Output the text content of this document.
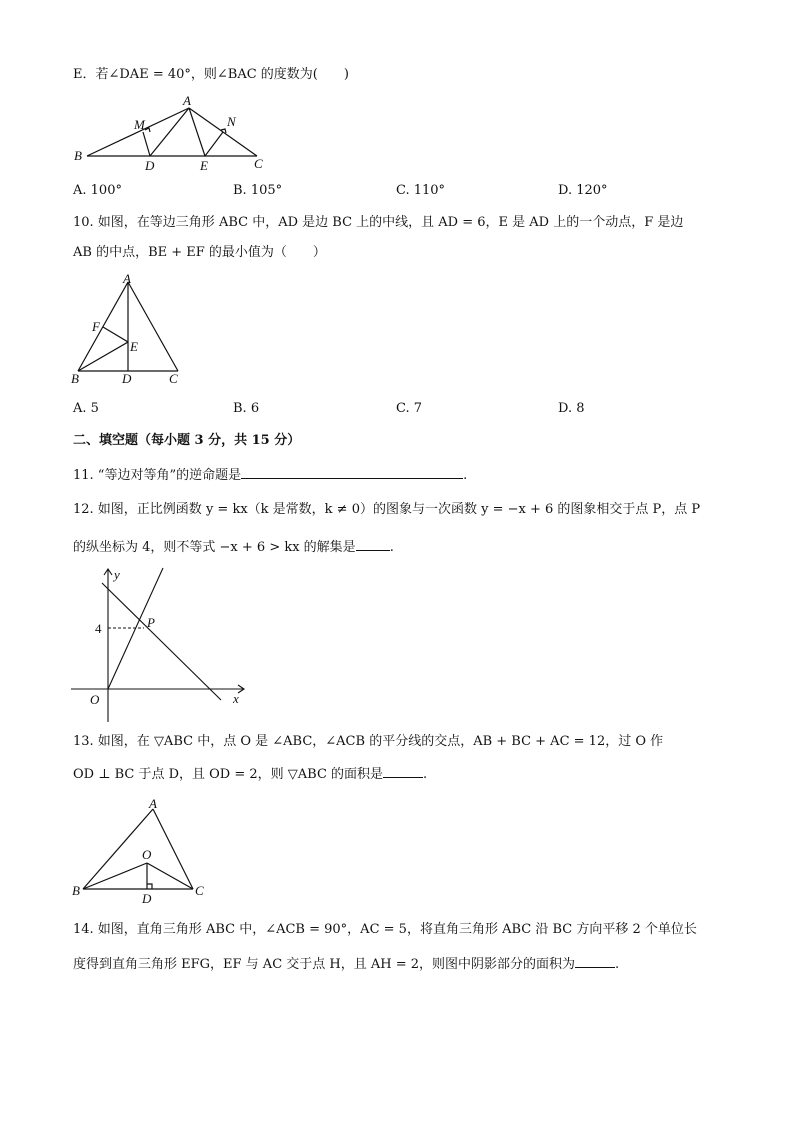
E．若∠DAE = 40°，则∠BAC 的度数为(　　)
A
M	N
B
D	E	C
A. 100°	B. 105°	C. 110°	D. 120°
10. 如图，在等边三角形 ABC 中，AD 是边 BC 上的中线，且 AD = 6，E 是 AD 上的一个动点，F 是边
AB 的中点，BE + EF 的最小值为（　　）
A
F
E
B	D	C
A. 5	B. 6	C. 7	D. 8
二、填空题（每小题 3 分，共 15 分）
11. “等边对等角”的逆命题是	.
12. 如图，正比例函数 y = kx（k 是常数，k ≠ 0）的图象与一次函数 y = −x + 6 的图象相交于点 P，点 P
的纵坐标为 4，则不等式 −x + 6 > kx 的解集是	.
y
x
O
P
4
13. 如图，在 ▽ABC 中，点 O 是 ∠ABC，∠ACB 的平分线的交点，AB + BC + AC = 12，过 O 作
OD ⊥ BC 于点 D，且 OD = 2，则 ▽ABC 的面积是	.
A
O
B
D
C
14. 如图，直角三角形 ABC 中，∠ACB = 90°，AC = 5，将直角三角形 ABC 沿 BC 方向平移 2 个单位长
度得到直角三角形 EFG，EF 与 AC 交于点 H，且 AH = 2，则图中阴影部分的面积为	.
